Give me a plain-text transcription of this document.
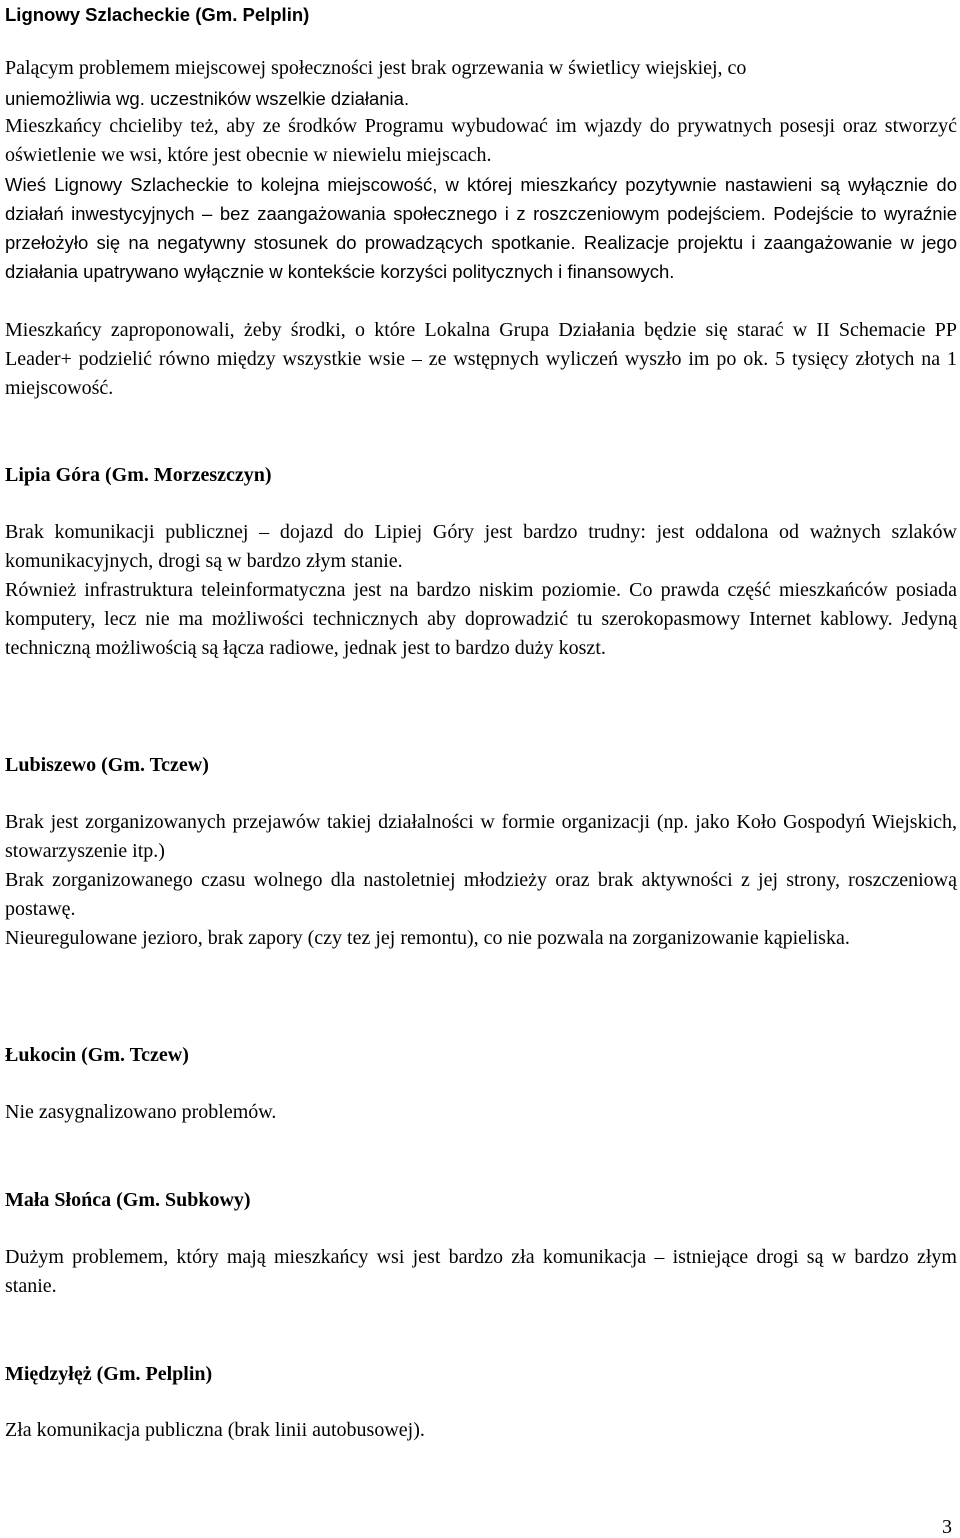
Lignowy Szlacheckie (Gm. Pelplin)

Palącym problemem miejscowej społeczności jest brak ogrzewania w świetlicy wiejskiej, co

uniemożliwia wg. uczestników wszelkie działania.

Mieszkańcy chcieliby też, aby ze środków Programu wybudować im wjazdy do prywatnych posesji oraz stworzyć oświetlenie we wsi, które jest obecnie w niewielu miejscach.

Wieś Lignowy Szlacheckie to kolejna miejscowość, w której mieszkańcy pozytywnie nastawieni są wyłącznie do działań inwestycyjnych – bez zaangażowania społecznego i z roszczeniowym podejściem. Podejście to wyraźnie przełożyło się na negatywny stosunek do prowadzących spotkanie. Realizacje projektu i zaangażowanie w jego działania upatrywano wyłącznie w kontekście korzyści politycznych i finansowych.

Mieszkańcy zaproponowali, żeby środki, o które Lokalna Grupa Działania będzie się starać w II Schemacie PP Leader+ podzielić równo między wszystkie wsie – ze wstępnych wyliczeń wyszło im po ok. 5 tysięcy złotych na 1 miejscowość.

Lipia Góra (Gm. Morzeszczyn)

Brak komunikacji publicznej – dojazd do Lipiej Góry jest bardzo trudny: jest oddalona od ważnych szlaków komunikacyjnych, drogi są w bardzo złym stanie.

Również infrastruktura teleinformatyczna jest na bardzo niskim poziomie. Co prawda część mieszkańców posiada komputery, lecz nie ma możliwości technicznych aby doprowadzić tu szerokopasmowy Internet kablowy. Jedyną techniczną możliwością są łącza radiowe, jednak jest to bardzo duży koszt.

Lubiszewo (Gm. Tczew)

Brak jest zorganizowanych przejawów takiej działalności w formie organizacji (np. jako Koło Gospodyń Wiejskich, stowarzyszenie itp.)

Brak zorganizowanego czasu wolnego dla nastoletniej młodzieży oraz brak aktywności z jej strony, roszczeniową postawę.

Nieuregulowane jezioro, brak zapory (czy tez jej remontu), co nie pozwala na zorganizowanie kąpieliska.

Łukocin (Gm. Tczew)

Nie zasygnalizowano problemów.

Mała Słońca (Gm. Subkowy)

Dużym problemem, który mają mieszkańcy wsi jest bardzo zła komunikacja – istniejące drogi są w bardzo złym stanie.

Międzyłęż (Gm. Pelplin)

Zła komunikacja publiczna (brak linii autobusowej).

3
